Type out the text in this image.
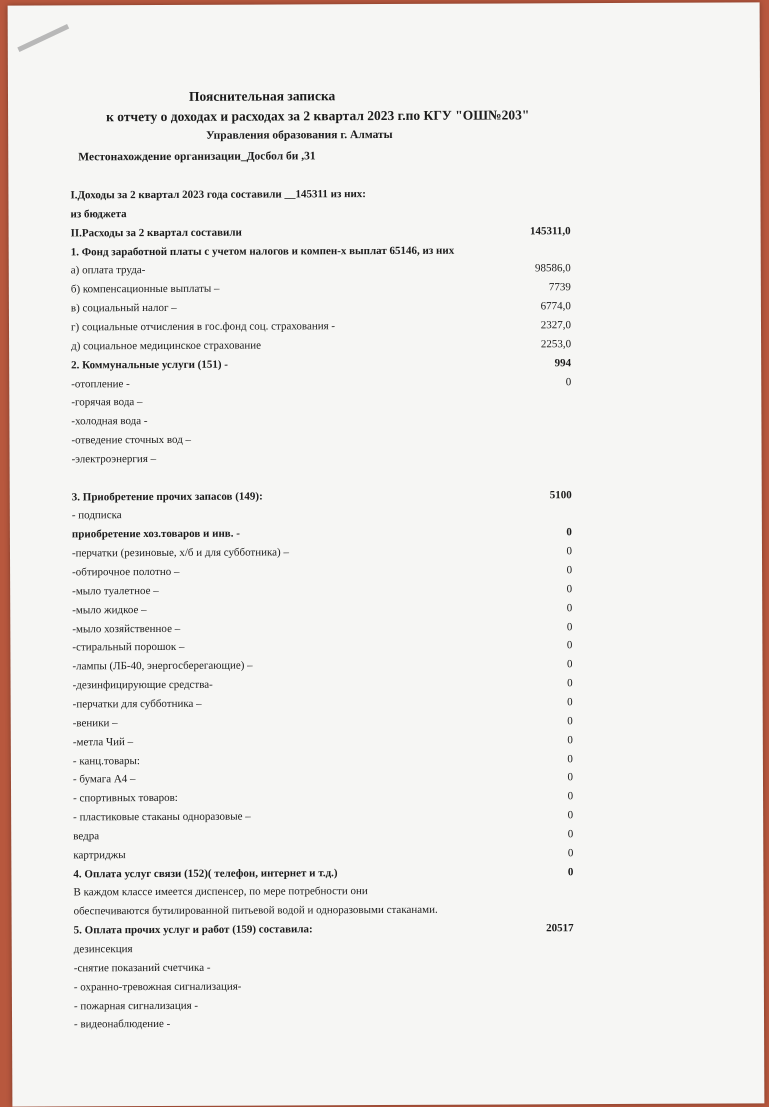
Пояснительная записка
к отчету о доходах и расходах за 2 квартал 2023 г.по КГУ "ОШ№203"
Управления образования г. Алматы
Местонахождение организации_Досбол би ,31
I.Доходы за 2 квартал 2023 года составили __145311 из них:
из бюджета
II.Расходы за 2 квартал составили	145311,0
1. Фонд заработной платы с учетом налогов и компен-х выплат 65146, из них
а) оплата труда-	98586,0
б) компенсационные выплаты –	7739
в) социальный налог –	6774,0
г) социальные отчисления в гос.фонд соц. страхования -	2327,0
д) социальное медицинское страхование	2253,0
2. Коммунальные услуги (151) -	994
-отопление -	0
-горячая вода –
-холодная вода -
-отведение сточных вод –
-электроэнергия –
3. Приобретение прочих запасов (149):	5100
- подписка
приобретение хоз.товаров и инв. -	0
-перчатки (резиновые, х/б и для субботника) –	0
-обтирочное полотно –	0
-мыло туалетное –	0
-мыло жидкое –	0
-мыло хозяйственное –	0
-стиральный порошок –	0
-лампы (ЛБ-40, энергосберегающие) –	0
-дезинфицирующие средства-	0
-перчатки для субботника –	0
-веники –	0
-метла Чий –	0
- канц.товары:	0
- бумага А4 –	0
- спортивных товаров:	0
- пластиковые стаканы одноразовые –	0
ведра	0
картриджы	0
4. Оплата услуг связи (152)( телефон, интернет и т.д.)	0
В каждом классе имеется диспенсер, по мере потребности они
обеспечиваются бутилированной питьевой водой и одноразовыми стаканами.
5. Оплата прочих услуг и работ (159) составила:	20517
дезинсекция
-снятие показаний счетчика -
- охранно-тревожная сигнализация-
- пожарная сигнализация -
- видеонаблюдение -
